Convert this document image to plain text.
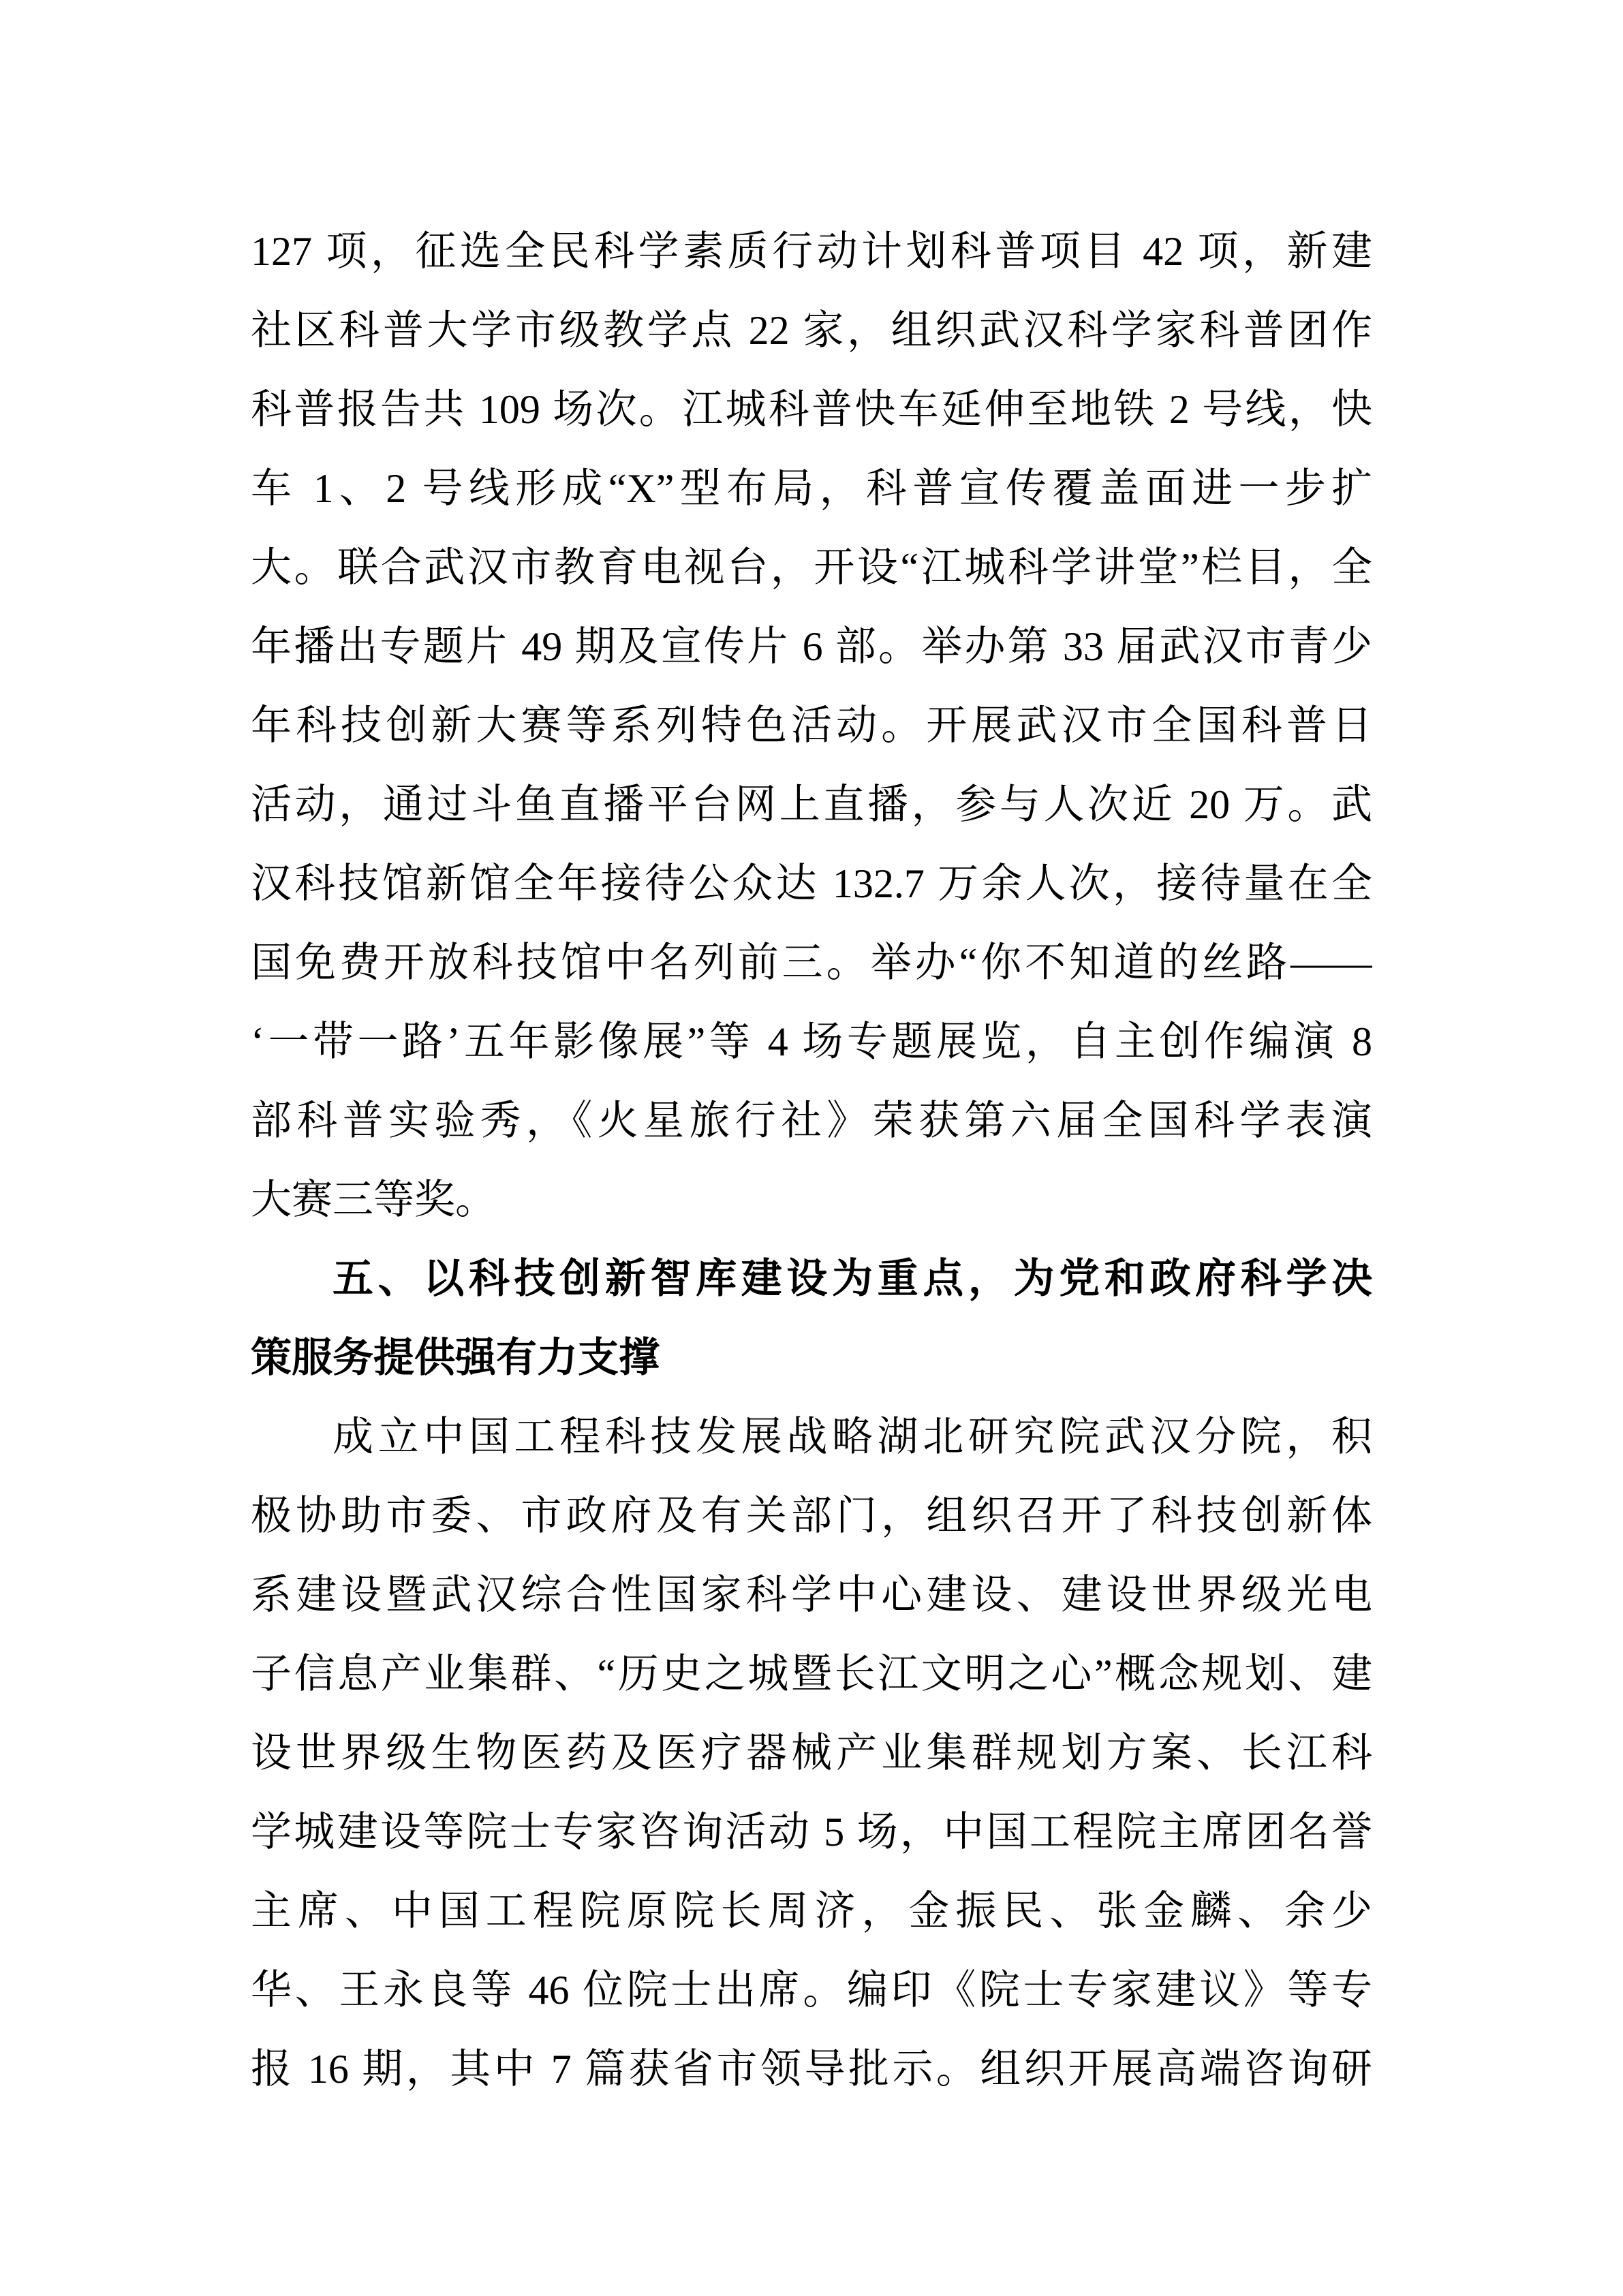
127 项，征选全民科学素质行动计划科普项目 42 项，新建
社区科普大学市级教学点 22 家，组织武汉科学家科普团作
科普报告共 109 场次。江城科普快车延伸至地铁 2 号线，快
车 1、2 号线形成“X”型布局，科普宣传覆盖面进一步扩
大。联合武汉市教育电视台，开设“江城科学讲堂”栏目，全
年播出专题片 49 期及宣传片 6 部。举办第 33 届武汉市青少
年科技创新大赛等系列特色活动。开展武汉市全国科普日
活动，通过斗鱼直播平台网上直播，参与人次近 20 万。武
汉科技馆新馆全年接待公众达 132.7 万余人次，接待量在全
国免费开放科技馆中名列前三。举办“你不知道的丝路——
‘一带一路’五年影像展”等 4 场专题展览，自主创作编演 8
部科普实验秀，《火星旅行社》荣获第六届全国科学表演
大赛三等奖。
五、以科技创新智库建设为重点，为党和政府科学决
策服务提供强有力支撑
成立中国工程科技发展战略湖北研究院武汉分院，积
极协助市委、市政府及有关部门，组织召开了科技创新体
系建设暨武汉综合性国家科学中心建设、建设世界级光电
子信息产业集群、“历史之城暨长江文明之心”概念规划、建
设世界级生物医药及医疗器械产业集群规划方案、长江科
学城建设等院士专家咨询活动 5 场，中国工程院主席团名誉
主席、中国工程院原院长周济，金振民、张金麟、余少
华、王永良等 46 位院士出席。编印《院士专家建议》等专
报 16 期，其中 7 篇获省市领导批示。组织开展高端咨询研
